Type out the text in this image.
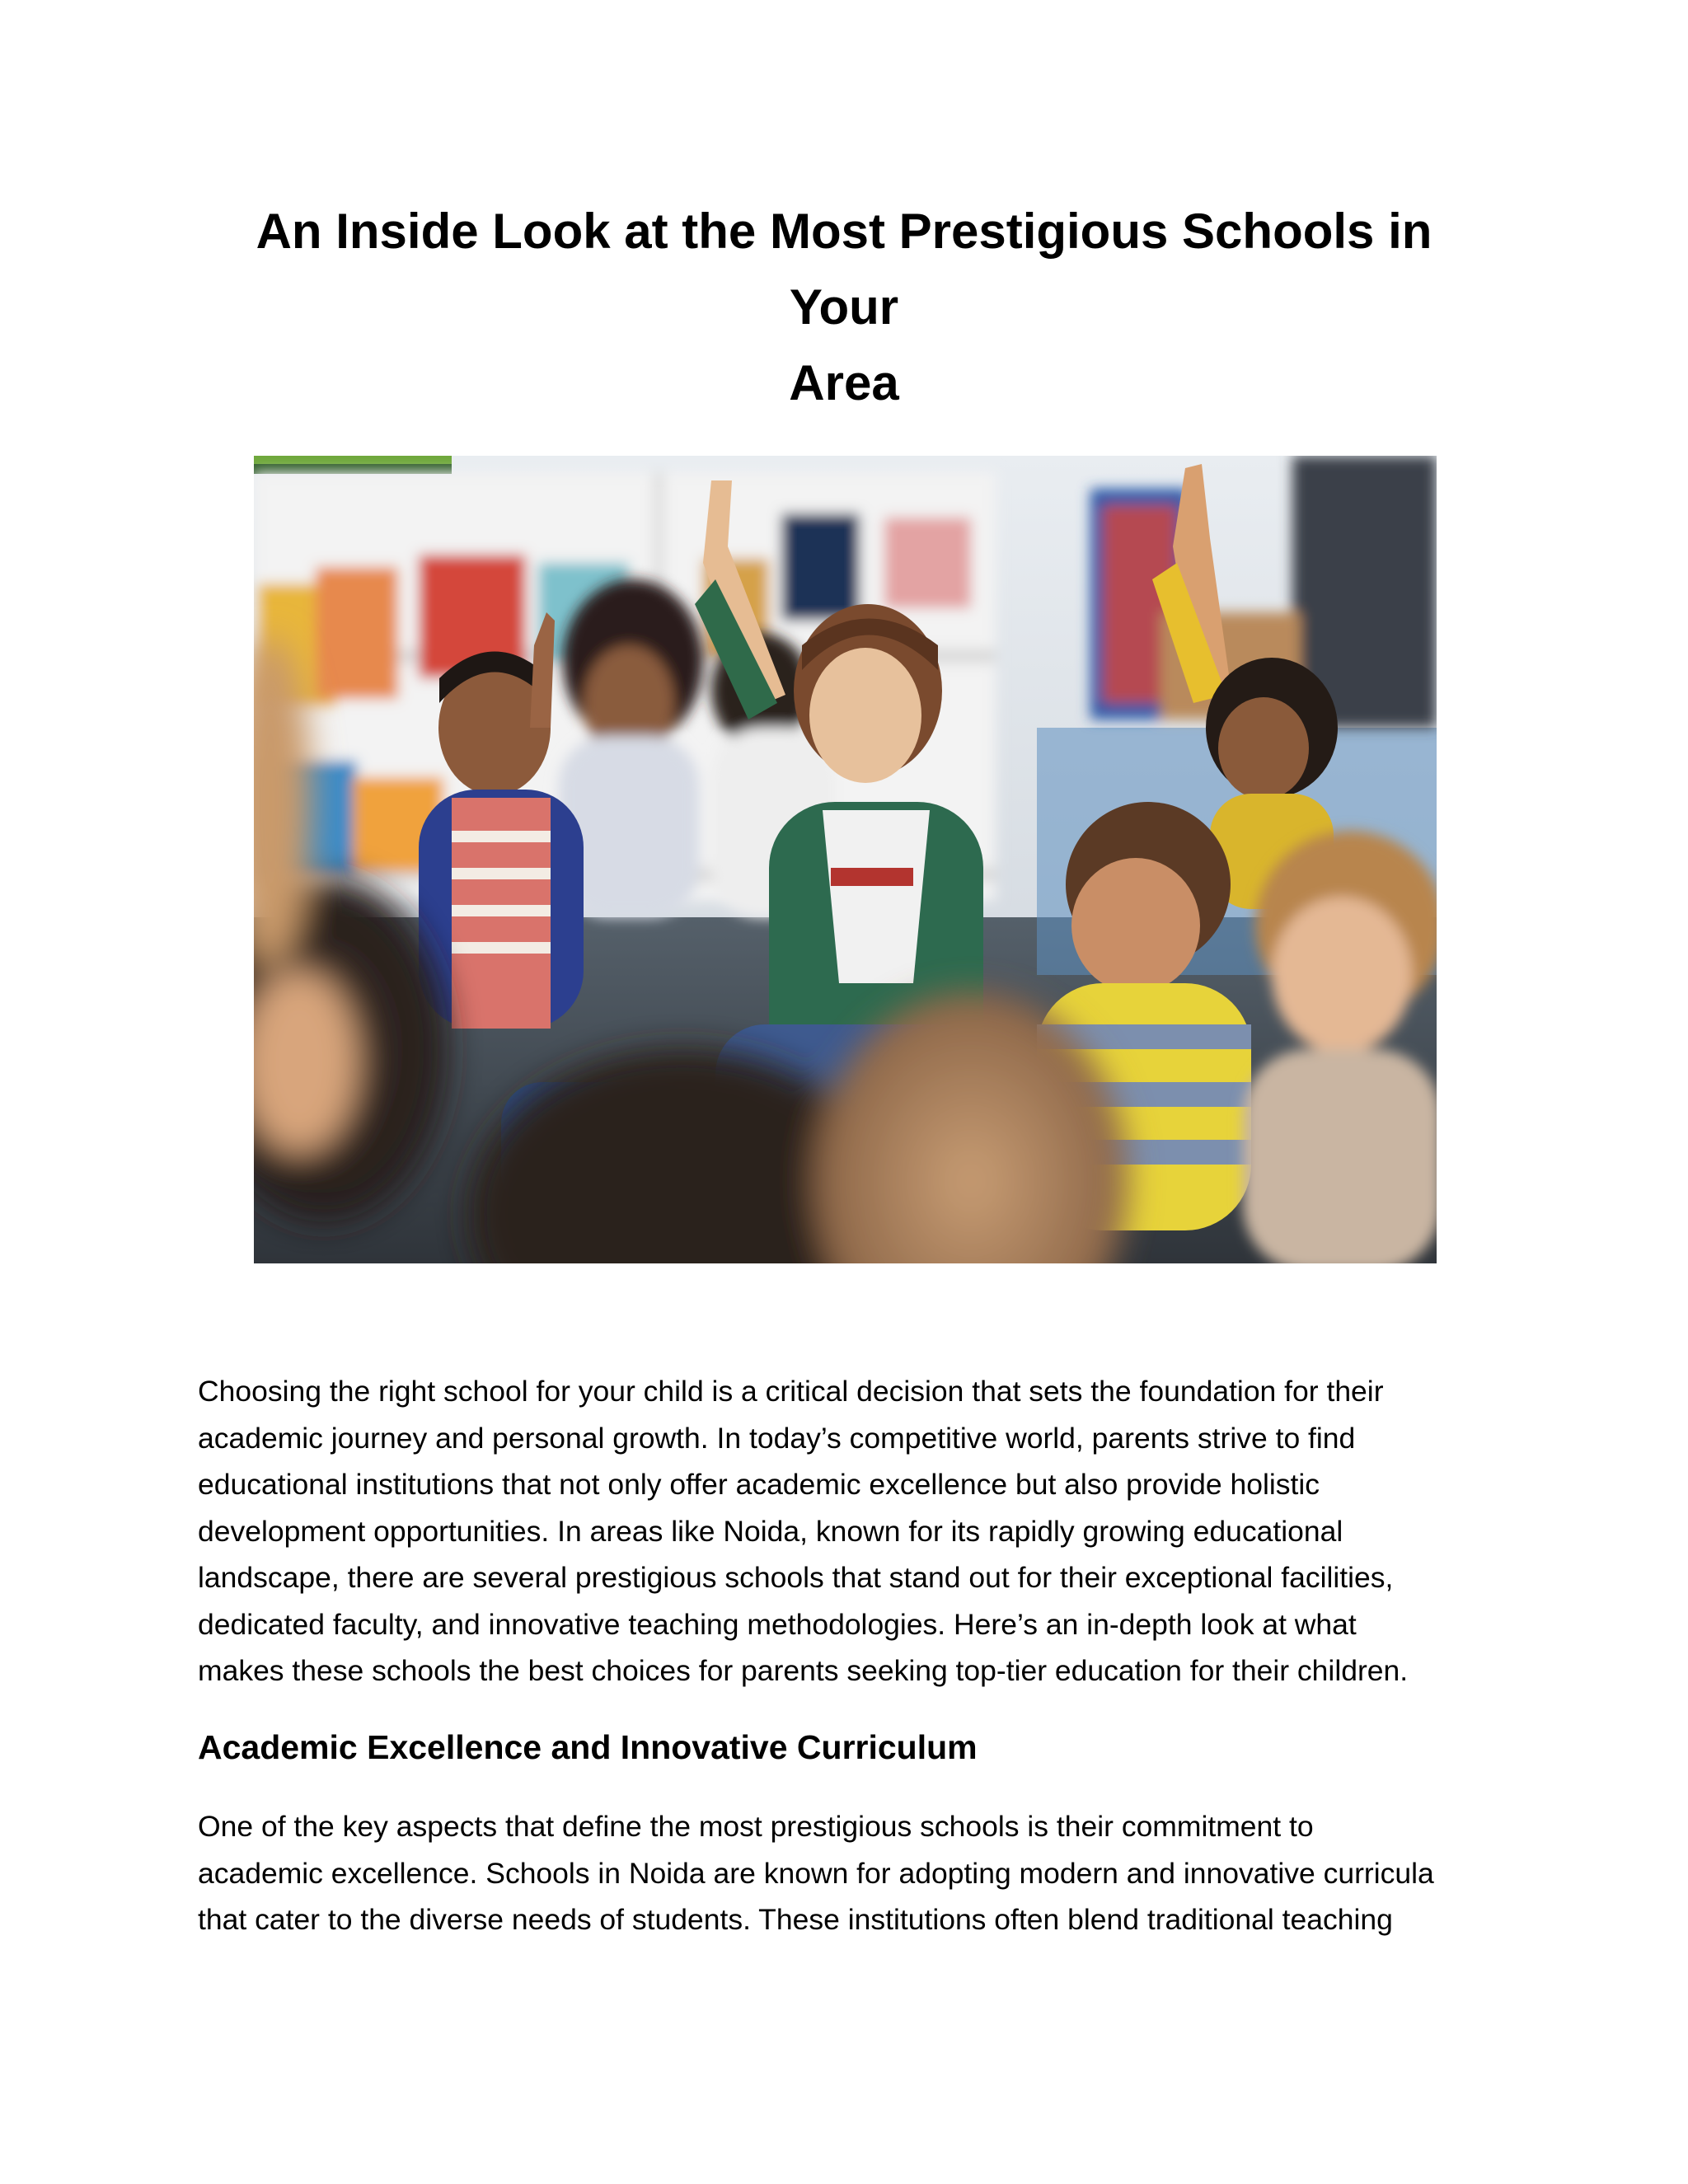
An Inside Look at the Most Prestigious Schools in Your
Area

Choosing the right school for your child is a critical decision that sets the foundation for their
academic journey and personal growth. In today’s competitive world, parents strive to find
educational institutions that not only offer academic excellence but also provide holistic
development opportunities. In areas like Noida, known for its rapidly growing educational
landscape, there are several prestigious schools that stand out for their exceptional facilities,
dedicated faculty, and innovative teaching methodologies. Here’s an in-depth look at what
makes these schools the best choices for parents seeking top-tier education for their children.

Academic Excellence and Innovative Curriculum

One of the key aspects that define the most prestigious schools is their commitment to
academic excellence. Schools in Noida are known for adopting modern and innovative curricula
that cater to the diverse needs of students. These institutions often blend traditional teaching
